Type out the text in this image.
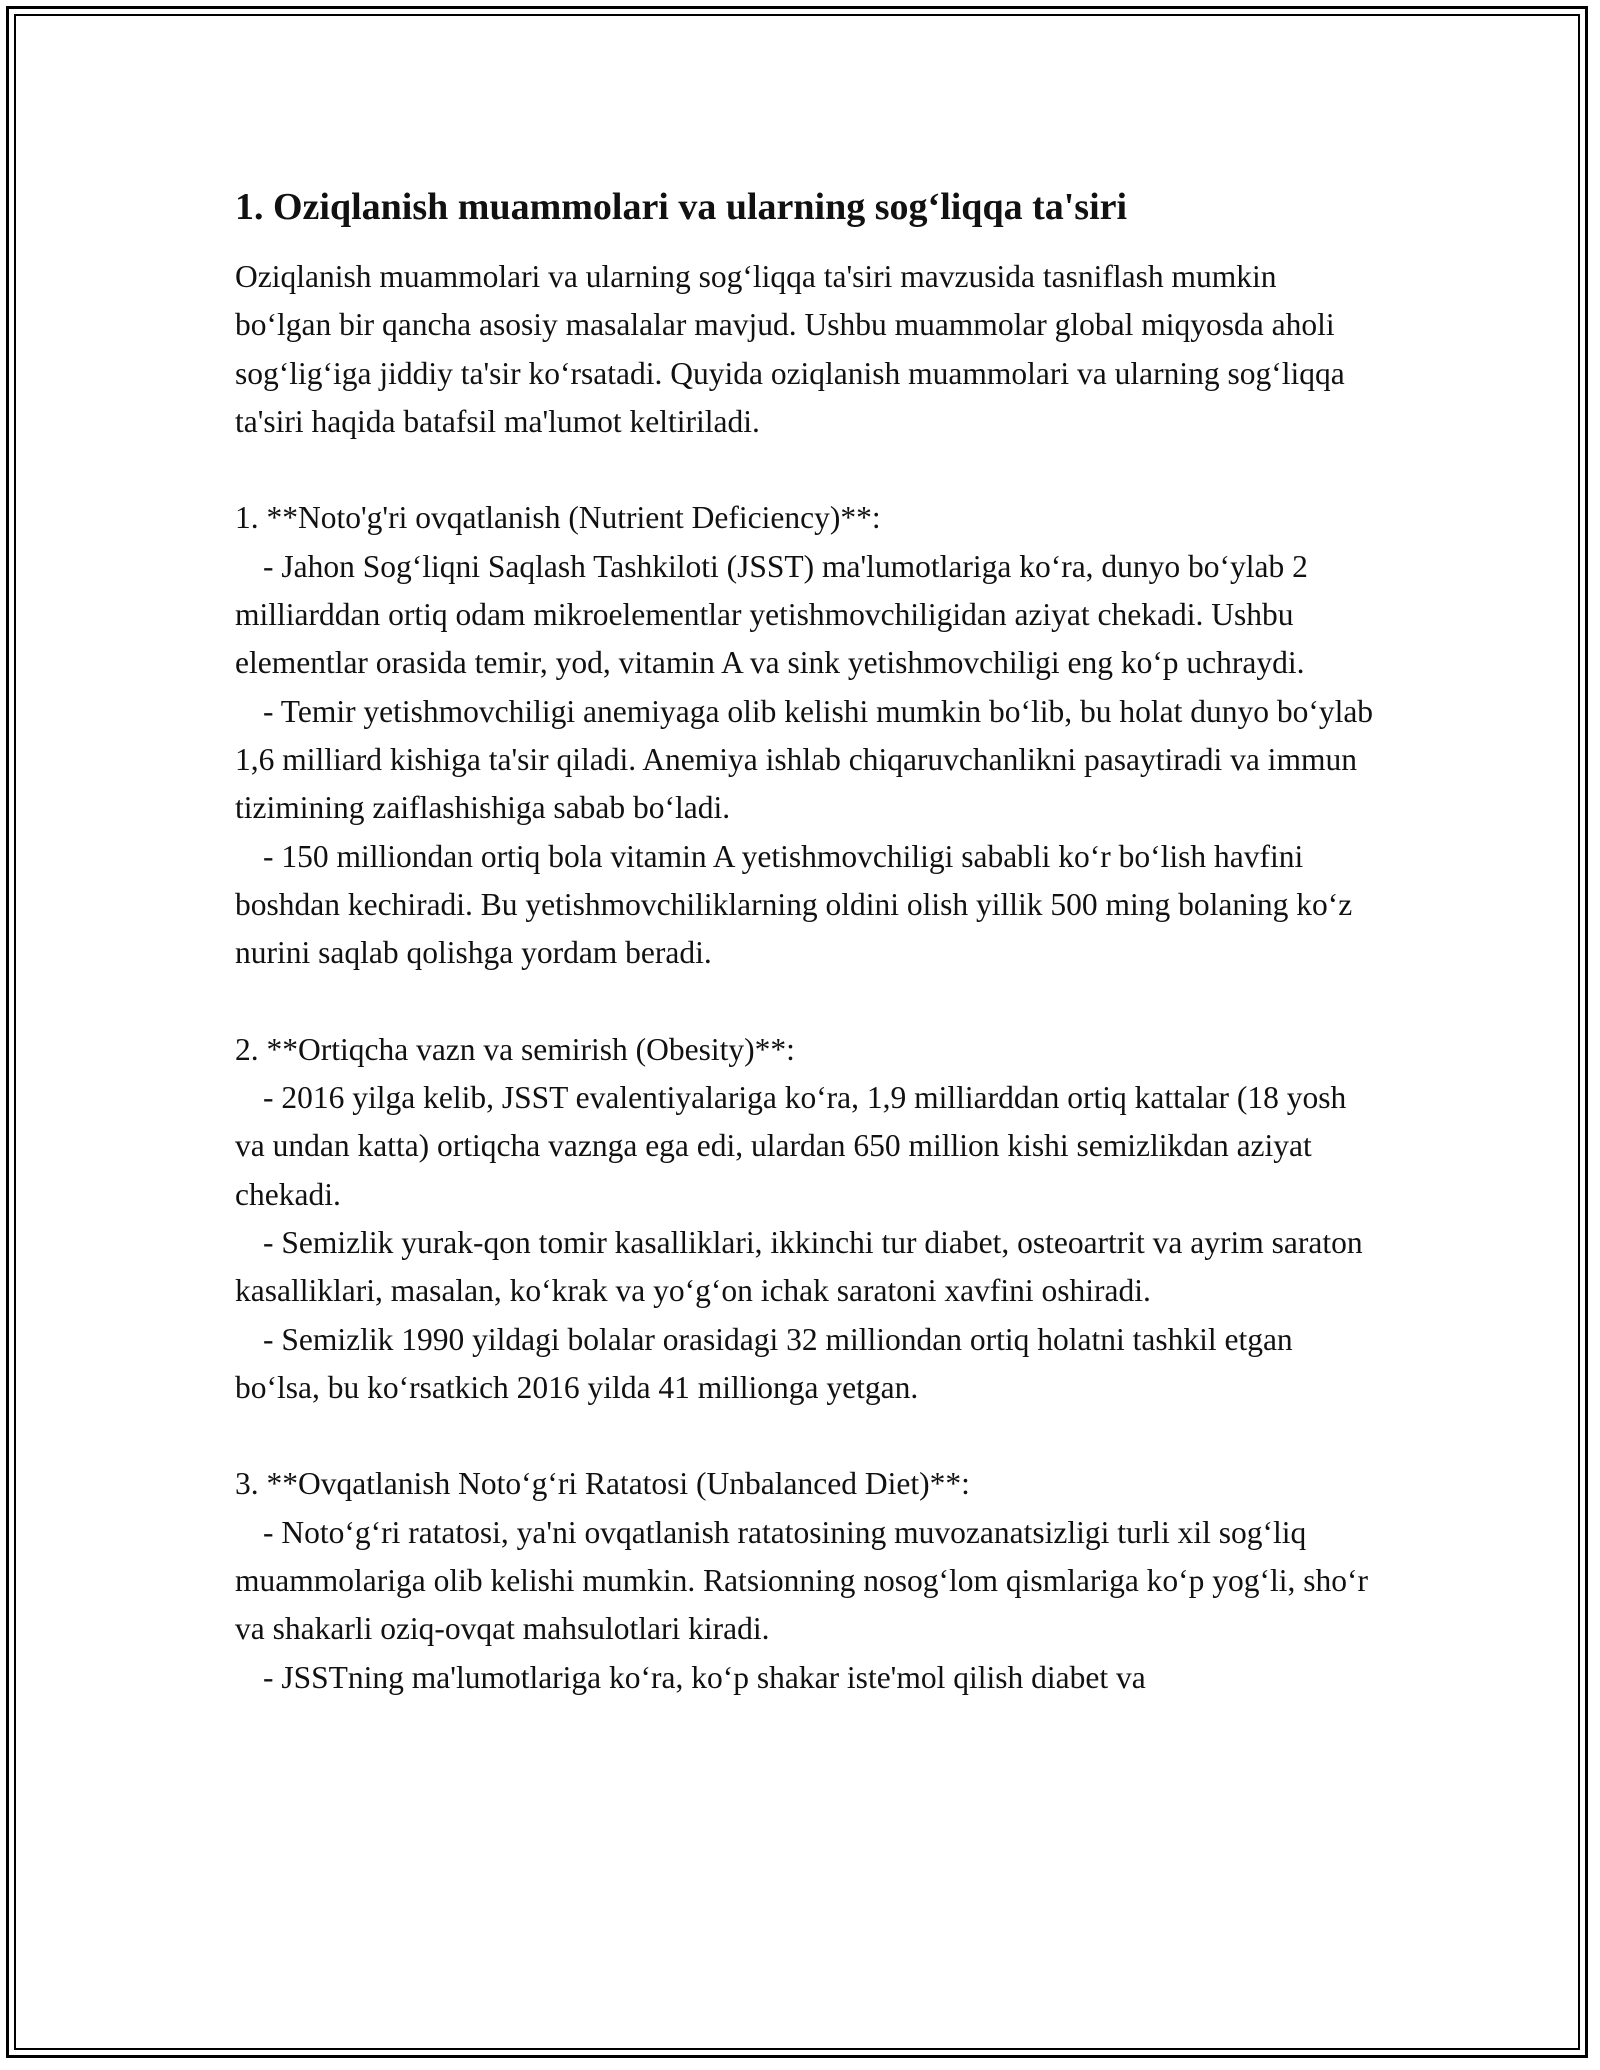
1. Oziqlanish muammolari va ularning sog‘liqqa ta'siri

Oziqlanish muammolari va ularning sog‘liqqa ta'siri mavzusida tasniflash mumkin bo‘lgan bir qancha asosiy masalalar mavjud. Ushbu muammolar global miqyosda aholi sog‘lig‘iga jiddiy ta'sir ko‘rsatadi. Quyida oziqlanish muammolari va ularning sog‘liqqa ta'siri haqida batafsil ma'lumot keltiriladi.

1. **Noto'g'ri ovqatlanish (Nutrient Deficiency)**:

- Jahon Sog‘liqni Saqlash Tashkiloti (JSST) ma'lumotlariga ko‘ra, dunyo bo‘ylab 2 milliarddan ortiq odam mikroelementlar yetishmovchiligidan aziyat chekadi. Ushbu elementlar orasida temir, yod, vitamin A va sink yetishmovchiligi eng ko‘p uchraydi.

- Temir yetishmovchiligi anemiyaga olib kelishi mumkin bo‘lib, bu holat dunyo bo‘ylab 1,6 milliard kishiga ta'sir qiladi. Anemiya ishlab chiqaruvchanlikni pasaytiradi va immun tizimining zaiflashishiga sabab bo‘ladi.

- 150 milliondan ortiq bola vitamin A yetishmovchiligi sababli ko‘r bo‘lish havfini boshdan kechiradi. Bu yetishmovchiliklarning oldini olish yillik 500 ming bolaning ko‘z nurini saqlab qolishga yordam beradi.

2. **Ortiqcha vazn va semirish (Obesity)**:

- 2016 yilga kelib, JSST evalentiyalariga ko‘ra, 1,9 milliarddan ortiq kattalar (18 yosh va undan katta) ortiqcha vaznga ega edi, ulardan 650 million kishi semizlikdan aziyat chekadi.

- Semizlik yurak-qon tomir kasalliklari, ikkinchi tur diabet, osteoartrit va ayrim saraton kasalliklari, masalan, ko‘krak va yo‘g‘on ichak saratoni xavfini oshiradi.

- Semizlik 1990 yildagi bolalar orasidagi 32 milliondan ortiq holatni tashkil etgan bo‘lsa, bu ko‘rsatkich 2016 yilda 41 millionga yetgan.

3. **Ovqatlanish Noto‘g‘ri Ratatosi (Unbalanced Diet)**:

- Noto‘g‘ri ratatosi, ya'ni ovqatlanish ratatosining muvozanatsizligi turli xil sog‘liq muammolariga olib kelishi mumkin. Ratsionning nosog‘lom qismlariga ko‘p yog‘li, sho‘r va shakarli oziq-ovqat mahsulotlari kiradi.

- JSSTning ma'lumotlariga ko‘ra, ko‘p shakar iste'mol qilish diabet va
